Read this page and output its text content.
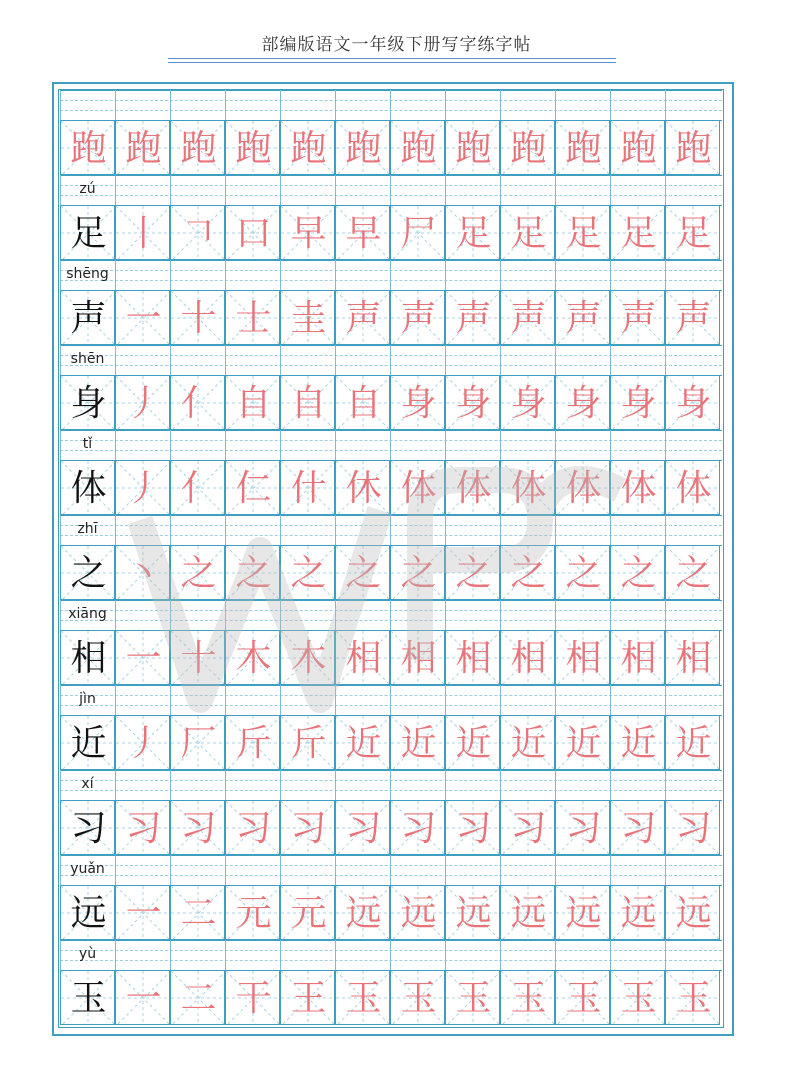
部编版语文一年级下册写字练字帖
跑 跑 跑 跑 跑 跑 跑 跑 跑 跑 跑 跑
zú
足 丨 𠃍 口 早 早 尸 足 足 足 足 足
shēng
声 一 十 士 圭 声 声 声 声 声 声 声
shēn
身 丿 亻 自 自 自 身 身 身 身 身 身
tǐ
体 丿 亻 仁 什 休 体 体 体 体 体 体
zhī
之 丶 之 之 之 之 之 之 之 之 之 之
xiāng
相 一 十 木 木 相 相 相 相 相 相 相
jìn
近 丿 厂 斤 斤 近 近 近 近 近 近 近
xí
习 习 习 习 习 习 习 习 习 习 习 习
yuǎn
远 一 二 元 元 远 远 远 远 远 远 远
yù
玉 一 二 干 王 玉 玉 玉 玉 玉 玉 玉
